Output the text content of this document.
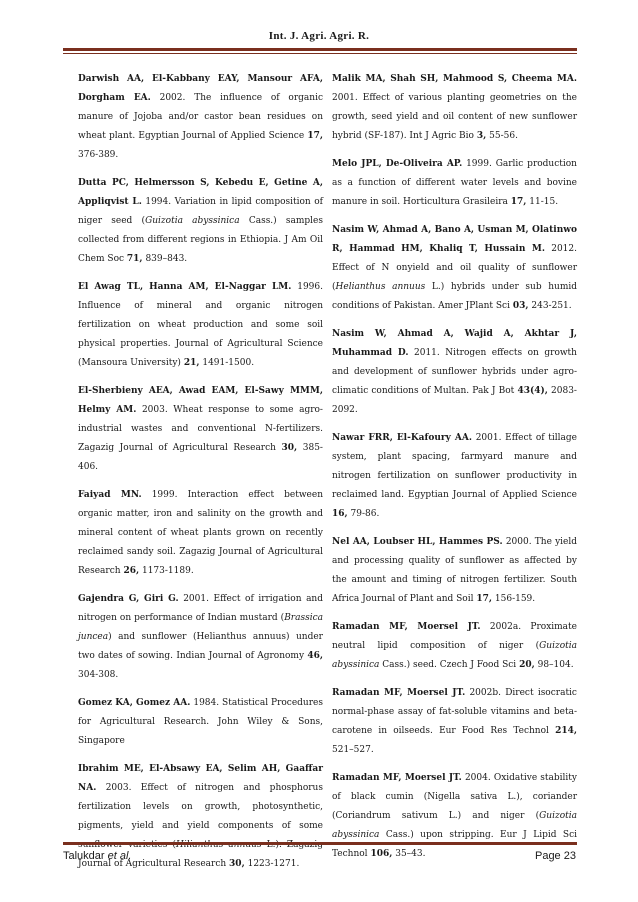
Int. J. Agri. Agri. R.

Darwish AA, El-Kabbany EAY, Mansour AFA, Dorgham EA. 2002. The influence of organic manure of Jojoba and/or castor bean residues on wheat plant. Egyptian Journal of Applied Science 17, 376-389.

Dutta PC, Helmersson S, Kebedu E, Getine A, Appliqvist L. 1994. Variation in lipid composition of niger seed (Guizotia abyssinica Cass.) samples collected from different regions in Ethiopia. J Am Oil Chem Soc 71, 839–843.

El Awag TL, Hanna AM, El-Naggar LM. 1996. Influence of mineral and organic nitrogen fertilization on wheat production and some soil physical properties. Journal of Agricultural Science (Mansoura University) 21, 1491-1500.

El-Sherbieny AEA, Awad EAM, El-Sawy MMM, Helmy AM. 2003. Wheat response to some agro-industrial wastes and conventional N-fertilizers. Zagazig Journal of Agricultural Research 30, 385-406.

Faiyad MN. 1999. Interaction effect between organic matter, iron and salinity on the growth and mineral content of wheat plants grown on recently reclaimed sandy soil. Zagazig Journal of Agricultural Research 26, 1173-1189.

Gajendra G, Giri G. 2001. Effect of irrigation and nitrogen on performance of Indian mustard (Brassica juncea) and sunflower (Helianthus annuus) under two dates of sowing. Indian Journal of Agronomy 46, 304-308.

Gomez KA, Gomez AA. 1984. Statistical Procedures for Agricultural Research. John Wiley & Sons, Singapore

Ibrahim ME, El-Absawy EA, Selim AH, Gaaffar NA. 2003. Effect of nitrogen and phosphorus fertilization levels on growth, photosynthetic, pigments, yield and yield components of some sunflower varieties (Hilianthus annuus L.). Zagazig Journal of Agricultural Research 30, 1223-1271.

Malik MA, Shah SH, Mahmood S, Cheema MA. 2001. Effect of various planting geometries on the growth, seed yield and oil content of new sunflower hybrid (SF-187). Int J Agric Bio 3, 55-56.

Melo JPL, De-Oliveira AP. 1999. Garlic production as a function of different water levels and bovine manure in soil. Horticultura Grasileira 17, 11-15.

Nasim W, Ahmad A, Bano A, Usman M, Olatinwo R, Hammad HM, Khaliq T, Hussain M. 2012. Effect of N onyield and oil quality of sunflower (Helianthus annuus L.) hybrids under sub humid conditions of Pakistan. Amer JPlant Sci 03, 243-251.

Nasim W, Ahmad A, Wajid A, Akhtar J, Muhammad D. 2011. Nitrogen effects on growth and development of sunflower hybrids under agro-climatic conditions of Multan. Pak J Bot 43(4), 2083-2092.

Nawar FRR, El-Kafoury AA. 2001. Effect of tillage system, plant spacing, farmyard manure and nitrogen fertilization on sunflower productivity in reclaimed land. Egyptian Journal of Applied Science 16, 79-86.

Nel AA, Loubser HL, Hammes PS. 2000. The yield and processing quality of sunflower as affected by the amount and timing of nitrogen fertilizer. South Africa Journal of Plant and Soil 17, 156-159.

Ramadan MF, Moersel JT. 2002a. Proximate neutral lipid composition of niger (Guizotia abyssinica Cass.) seed. Czech J Food Sci 20, 98–104.

Ramadan MF, Moersel JT. 2002b. Direct isocratic normal-phase assay of fat-soluble vitamins and beta-carotene in oilseeds. Eur Food Res Technol 214, 521–527.

Ramadan MF, Moersel JT. 2004. Oxidative stability of black cumin (Nigella sativa L.), coriander (Coriandrum sativum L.) and niger (Guizotia abyssinica Cass.) upon stripping. Eur J Lipid Sci Technol 106, 35–43.

Talukdar et al.	Page 23
